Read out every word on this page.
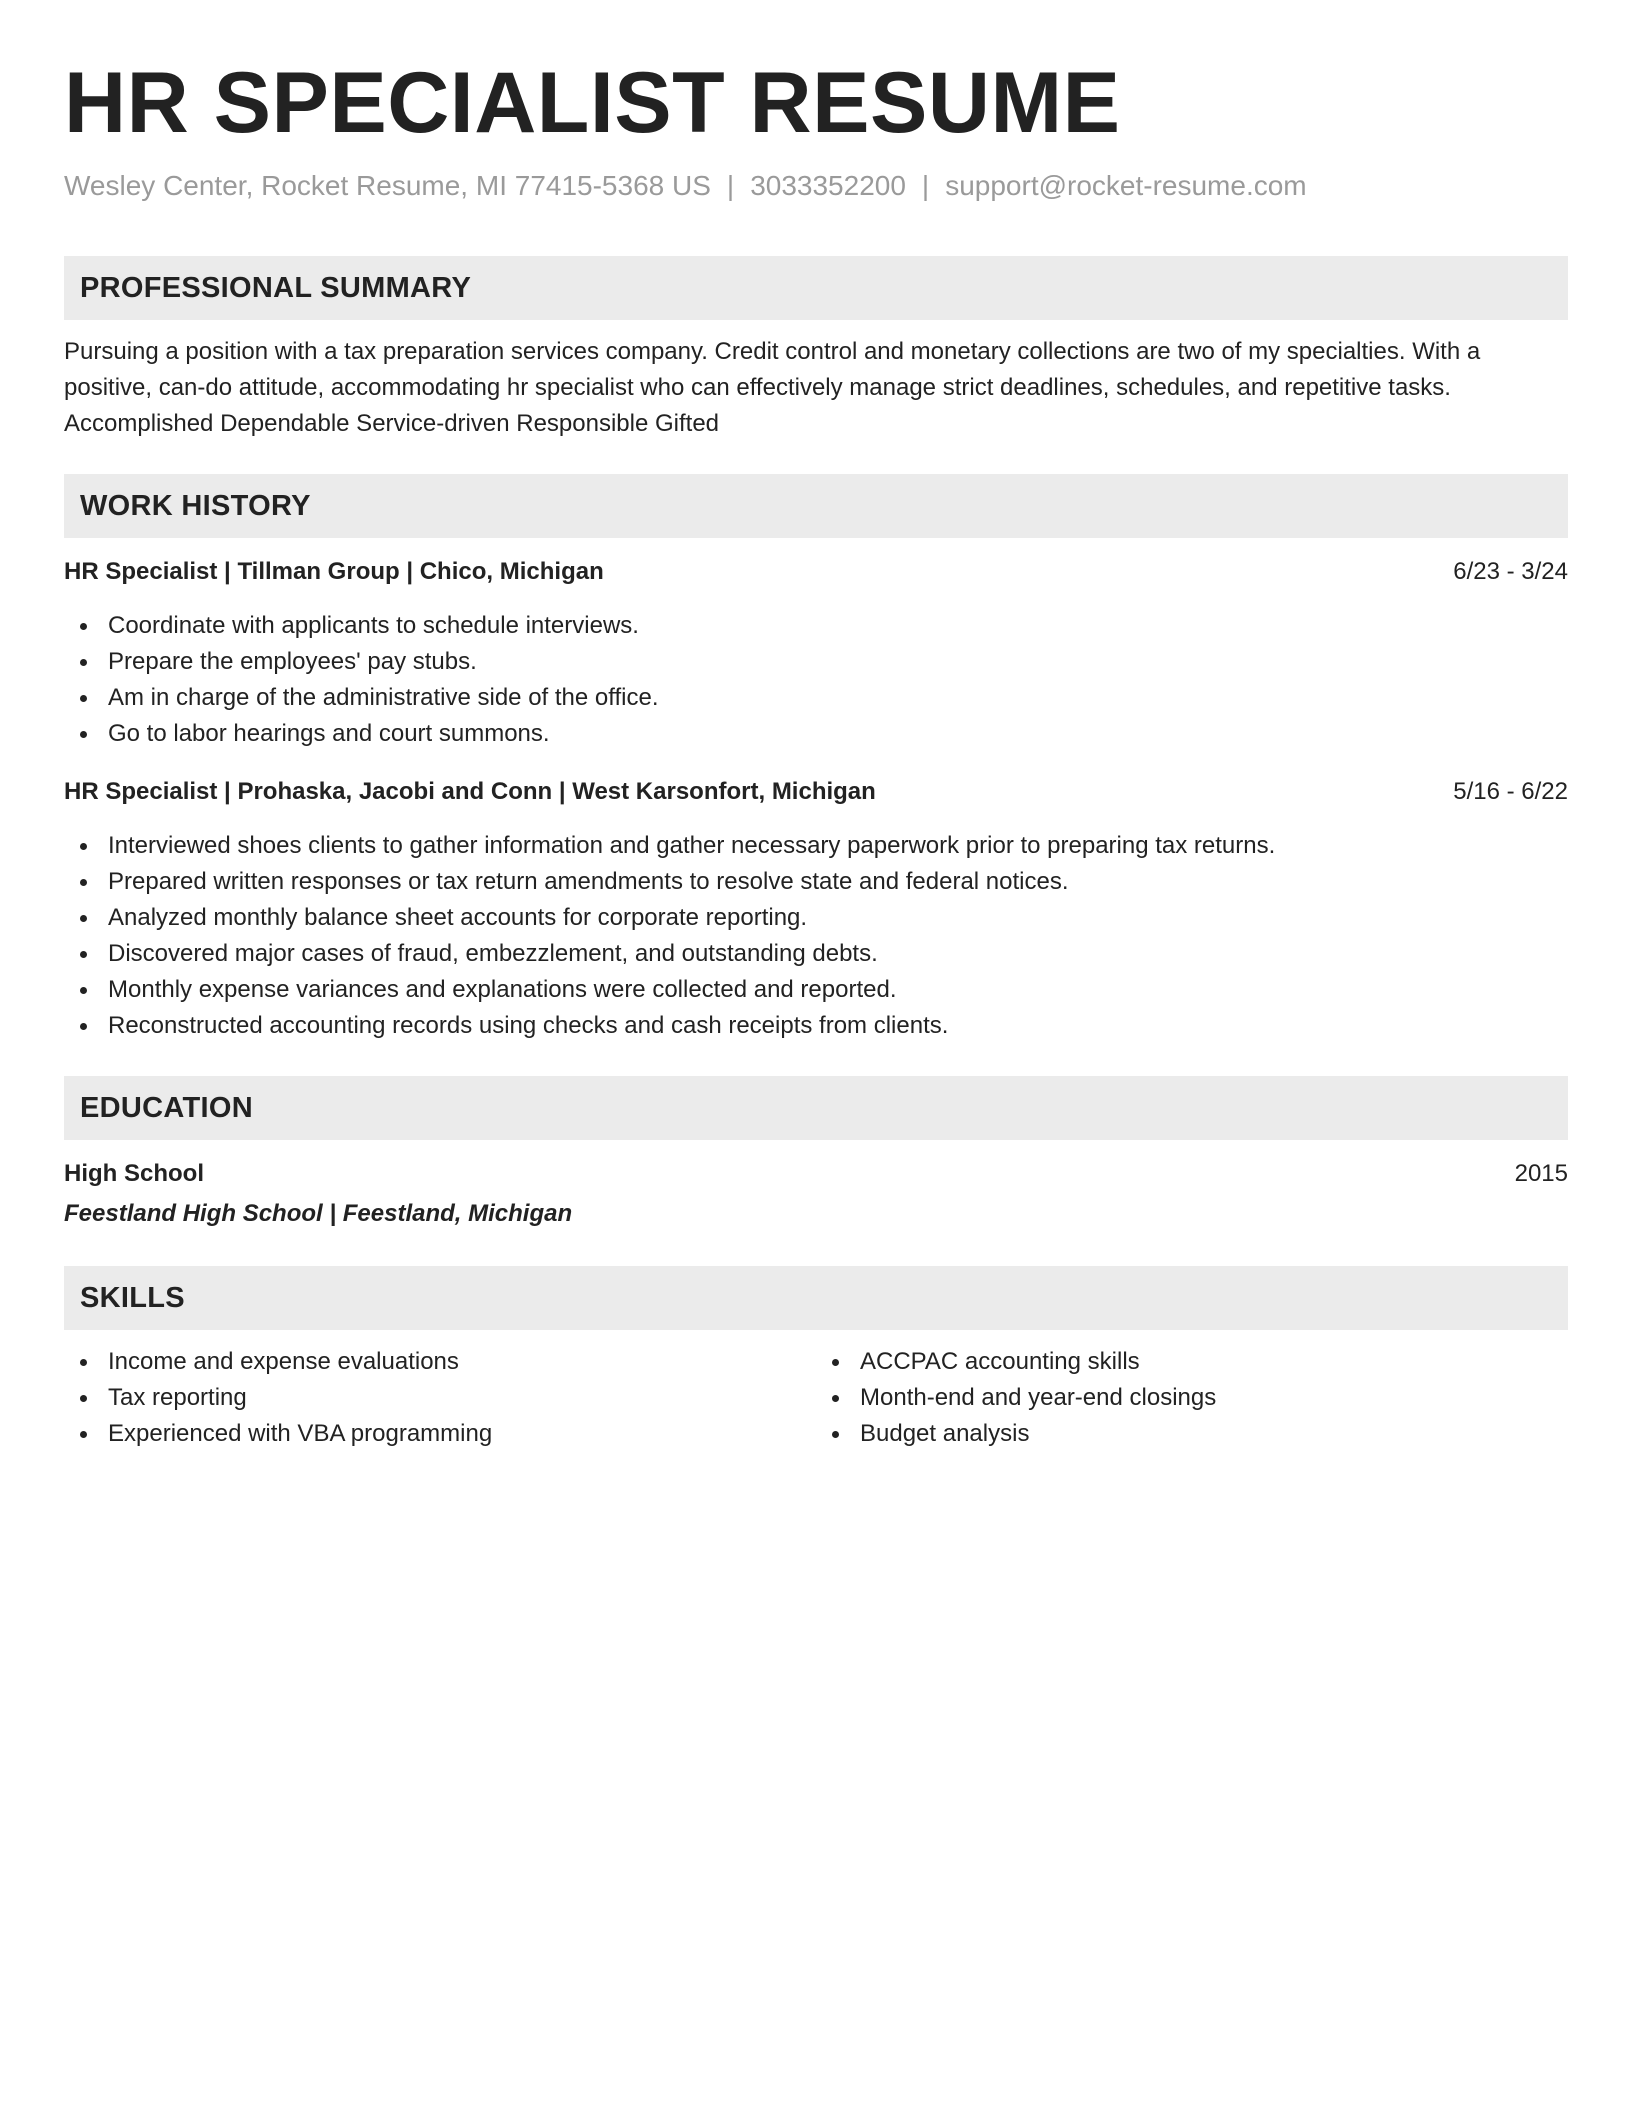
HR SPECIALIST RESUME
Wesley Center, Rocket Resume, MI 77415-5368 US | 3033352200 | support@rocket-resume.com
PROFESSIONAL SUMMARY

Pursuing a position with a tax preparation services company. Credit control and monetary collections are two of my specialties. With a positive, can-do attitude, accommodating hr specialist who can effectively manage strict deadlines, schedules, and repetitive tasks. Accomplished Dependable Service-driven Responsible Gifted

WORK HISTORY
HR Specialist | Tillman Group | Chico, Michigan	6/23 - 3/24
Coordinate with applicants to schedule interviews.
Prepare the employees' pay stubs.
Am in charge of the administrative side of the office.
Go to labor hearings and court summons.
HR Specialist | Prohaska, Jacobi and Conn | West Karsonfort, Michigan	5/16 - 6/22
Interviewed shoes clients to gather information and gather necessary paperwork prior to preparing tax returns.
Prepared written responses or tax return amendments to resolve state and federal notices.
Analyzed monthly balance sheet accounts for corporate reporting.
Discovered major cases of fraud, embezzlement, and outstanding debts.
Monthly expense variances and explanations were collected and reported.
Reconstructed accounting records using checks and cash receipts from clients.
EDUCATION
High School	2015
Feestland High School | Feestland, Michigan
SKILLS
Income and expense evaluations
Tax reporting
Experienced with VBA programming
ACCPAC accounting skills
Month-end and year-end closings
Budget analysis
